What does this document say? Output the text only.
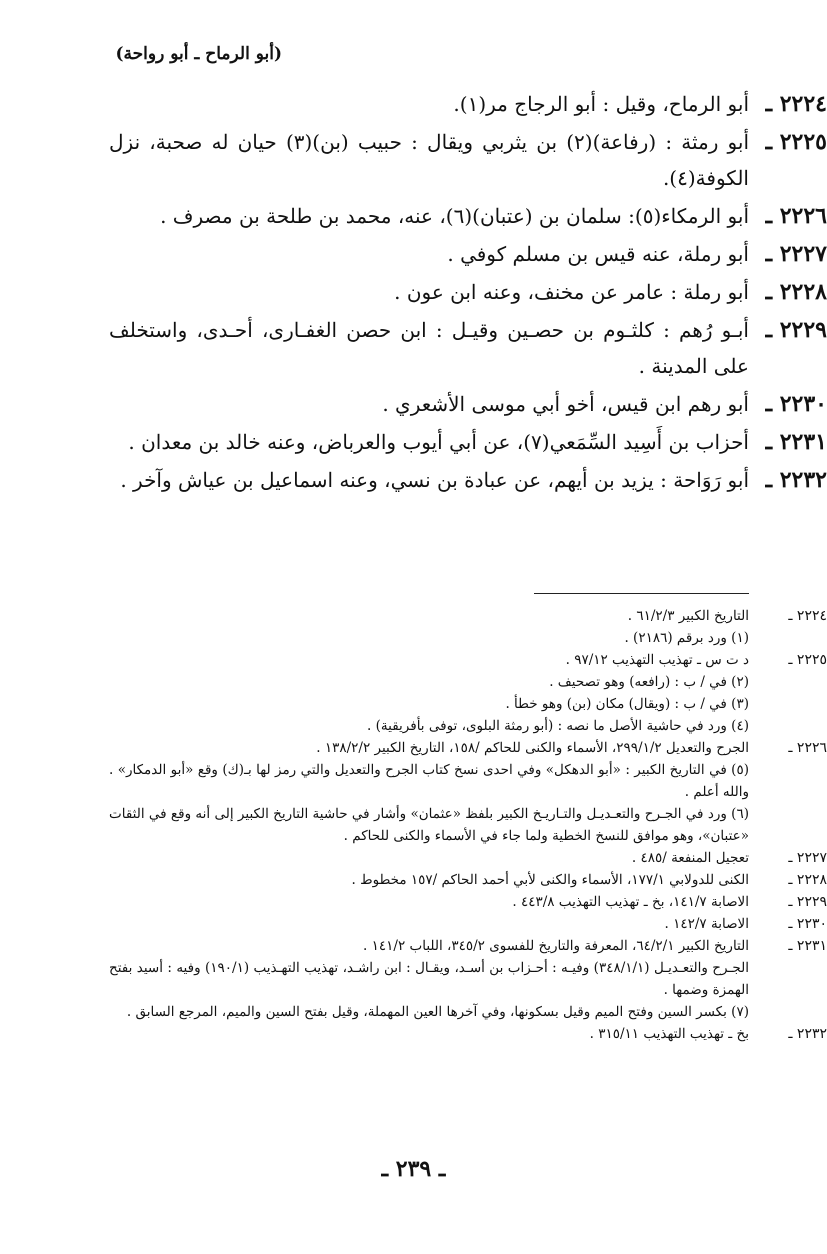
(أبو الرماح ـ أبو رواحة)
٢٢٢٤ ـ
أبو الرماح، وقيل : أبو الرجاج مر(١).
٢٢٢٥ ـ
أبو رمثة : (رفاعة)(٢) بن يثربي ويقال : حبيب (بن)(٣) حيان له صحبة، نزل الكوفة(٤).
٢٢٢٦ ـ
أبو الرمكاء(٥): سلمان بن (عتبان)(٦)، عنه، محمد بن طلحة بن مصرف .
٢٢٢٧ ـ
أبو رملة، عنه قيس بن مسلم كوفي .
٢٢٢٨ ـ
أبو رملة : عامر عن مخنف، وعنه ابن عون .
٢٢٢٩ ـ
أبـو رُهم : كلثـوم بن حصـين وقيـل : ابن حصن الغفـارى، أحـدى، واستخلف على المدينة .
٢٢٣٠ ـ
أبو رهم ابن قيس، أخو أبي موسى الأشعري .
٢٢٣١ ـ
أحزاب بن أَسِيد السِّمَعي(٧)، عن أبي أيوب والعرباض، وعنه خالد بن معدان .
٢٢٣٢ ـ
أبو رَوَاحة : يزيد بن أيهم، عن عبادة بن نسي، وعنه اسماعيل بن عياش وآخر .
٢٢٢٤ ـ
التاريخ الكبير ٦١/٢/٣ .
(١) ورد برقم (٢١٨٦) .
٢٢٢٥ ـ
د ت س ـ تهذيب التهذيب ٩٧/١٢ .
(٢) في / ب : (رافعه) وهو تصحيف .
(٣) في / ب : (ويقال) مكان (بن) وهو خطأ .
(٤) ورد في حاشية الأصل ما نصه : (أبو رمثة البلوى، توفى بأفريقية) .
٢٢٢٦ ـ
الجرح والتعديل ٢٩٩/١/٢، الأسماء والكنى للحاكم /١٥٨، التاريخ الكبير ١٣٨/٢/٢ .
(٥) في التاريخ الكبير : «أبو الدهكل» وفي احدى نسخ كتاب الجرح والتعديل والتي رمز لها بـ(ك) وقع «أبو الدمكار» . والله أعلم .
(٦) ورد في الجـرح والتعـديـل والتـاريـخ الكبير بلفظ «عثمان» وأشار في حاشية التاريخ الكبير إلى أنه وقع في الثقات «عتبان»، وهو موافق للنسخ الخطية ولما جاء في الأسماء والكنى للحاكم .
٢٢٢٧ ـ
تعجيل المنفعة /٤٨٥ .
٢٢٢٨ ـ
الكنى للدولابي ١٧٧/١، الأسماء والكنى لأبي أحمد الحاكم /١٥٧ مخطوط .
٢٢٢٩ ـ
الاصابة ١٤١/٧، بخ ـ تهذيب التهذيب ٤٤٣/٨ .
٢٢٣٠ ـ
الاصابة ١٤٢/٧ .
٢٢٣١ ـ
التاريخ الكبير ٦٤/٢/١، المعرفة والتاريخ للفسوى ٣٤٥/٢، اللباب ١٤١/٢ .
الجـرح والتعـديـل (٣٤٨/١/١) وفيـه : أحـزاب بن أسـد، ويقـال : ابن راشـد، تهذيب التهـذيب (١٩٠/١) وفيه : أسيد بفتح الهمزة وضمها .
(٧) بكسر السين وفتح الميم وقيل بسكونها، وفي آخرها العين المهملة، وقيل بفتح السين والميم، المرجع السابق .
٢٢٣٢ ـ
بخ ـ تهذيب التهذيب ٣١٥/١١ .
ـ ٢٣٩ ـ
